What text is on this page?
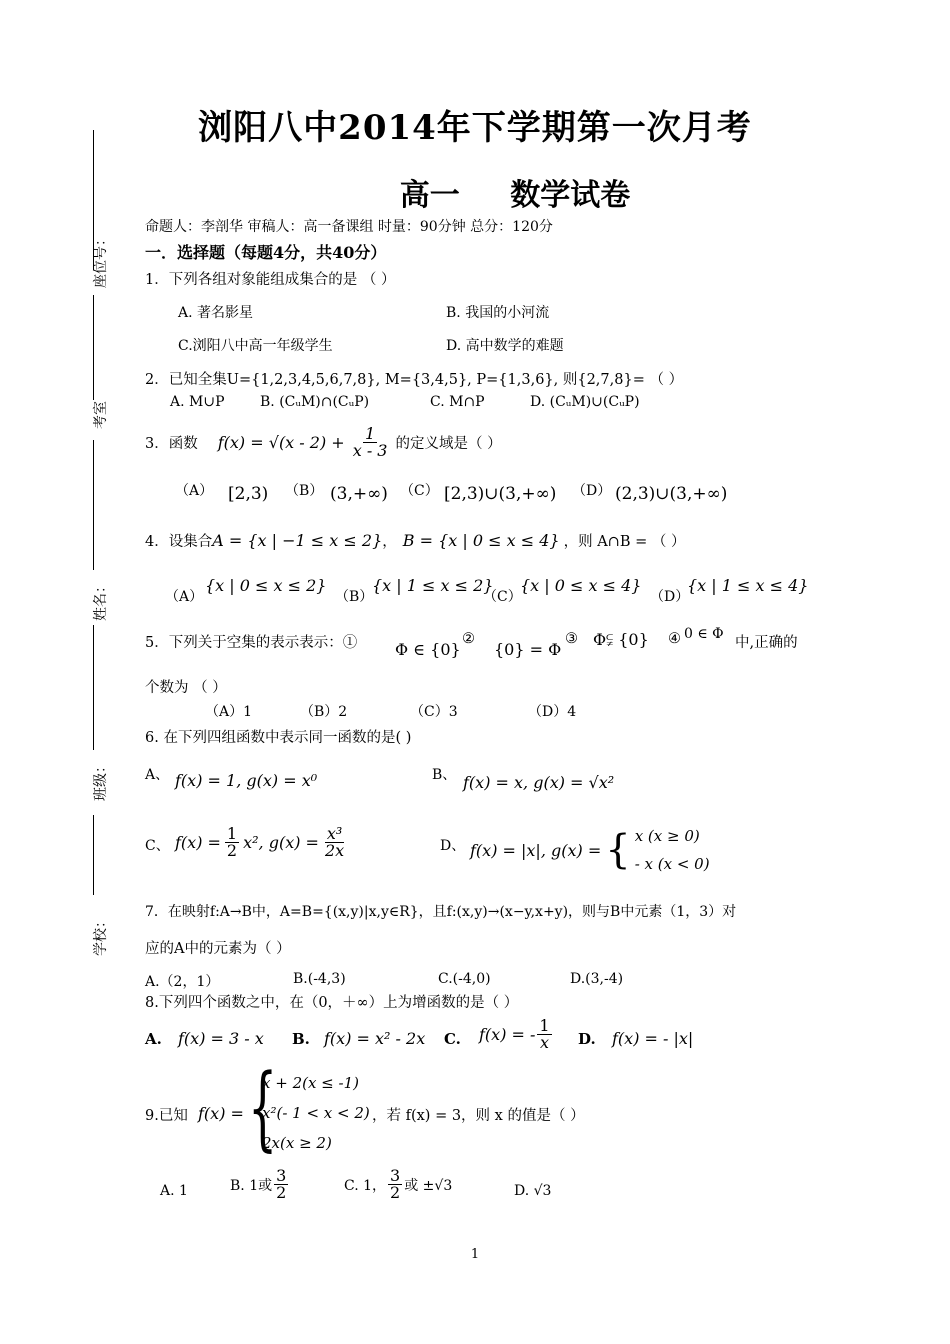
座位号：
考室
姓名：
班级：
学校：
浏阳八中2014年下学期第一次月考
高一 数学试卷
命题人：李剖华 审稿人：高一备课组 时量：90分钟 总分：120分
一．选择题（每题4分，共40分）
1．下列各组对象能组成集合的是 （ ）
A. 著名影星	B. 我国的小河流
C.浏阳八中高一年级学生	D. 高中数学的难题
2．已知全集U={1,2,3,4,5,6,7,8}, M={3,4,5}, P={1,3,6}, 则{2,7,8}= （ ）
A. M∪P	B. (CᵤM)∩(CᵤP)	C. M∩P	D. (CᵤM)∪(CᵤP)
3．函数 $f(x) = √(x - 2) + \frac{1}{x - 3}$ 的定义域是（ ）
（A） [2,3) （B） (3,+∞) （C） [2,3)∪(3,+∞) （D） (2,3)∪(3,+∞)
4．设集合 A = {x | −1 ≤ x ≤ 2} ， B = {x | 0 ≤ x ≤ 4} ，则 A∩B = （ ）
（A）
{x | 0 ≤ x ≤ 2}
（B）
{x | 1 ≤ x ≤ 2}
（C）
{x | 0 ≤ x ≤ 4}
（D）
{x | 1 ≤ x ≤ 4}
5．下列关于空集的表示表示：① Φ ∈ {0}
②
{0} = Φ
③ Φ⫋ {0} ④ 0 ∈ Φ
中,正确的
个数为 （ ）
（A）1	（B）2	（C）3	（D）4
6. 在下列四组函数中表示同一函数的是( )
A、 f(x) = 1, g(x) = x⁰	B、 f(x) = x, g(x) = √x²
C、 $f(x) = \frac{1}{2} x^2$, $g(x) = \frac{\text{x³}}{2x}$	D、 f(x) = |x|, g(x) = { x (x ≥ 0)
- x (x < 0)
7．在映射f:A→B中，A=B={(x,y)|x,y∈R}，且f:(x,y)→(x−y,x+y)，则与B中元素（1，3）对
应的A中的元素为（ ）
A.（2，1）	B.(-4,3)	C.(-4,0)	D.(3,-4)
8.下列四个函数之中，在（0，＋∞）上为增函数的是（ ）
A. f(x) = 3 - x B. f(x) = x² - 2x C. f(x) = - $\frac{1}{x} D$. f(x) = - |x|
9.已知 f(x) = {
x + 2(x ≤ -1)
x²(- 1 < x < 2)
2x(x ≥ 2)
，若 f(x) = 3，则 x 的值是（ ）
A. 1	B. 1或 $\frac{3}{2}$	C. 1， $\frac{3}{2}$ 或 ±√3	D. √3
1
